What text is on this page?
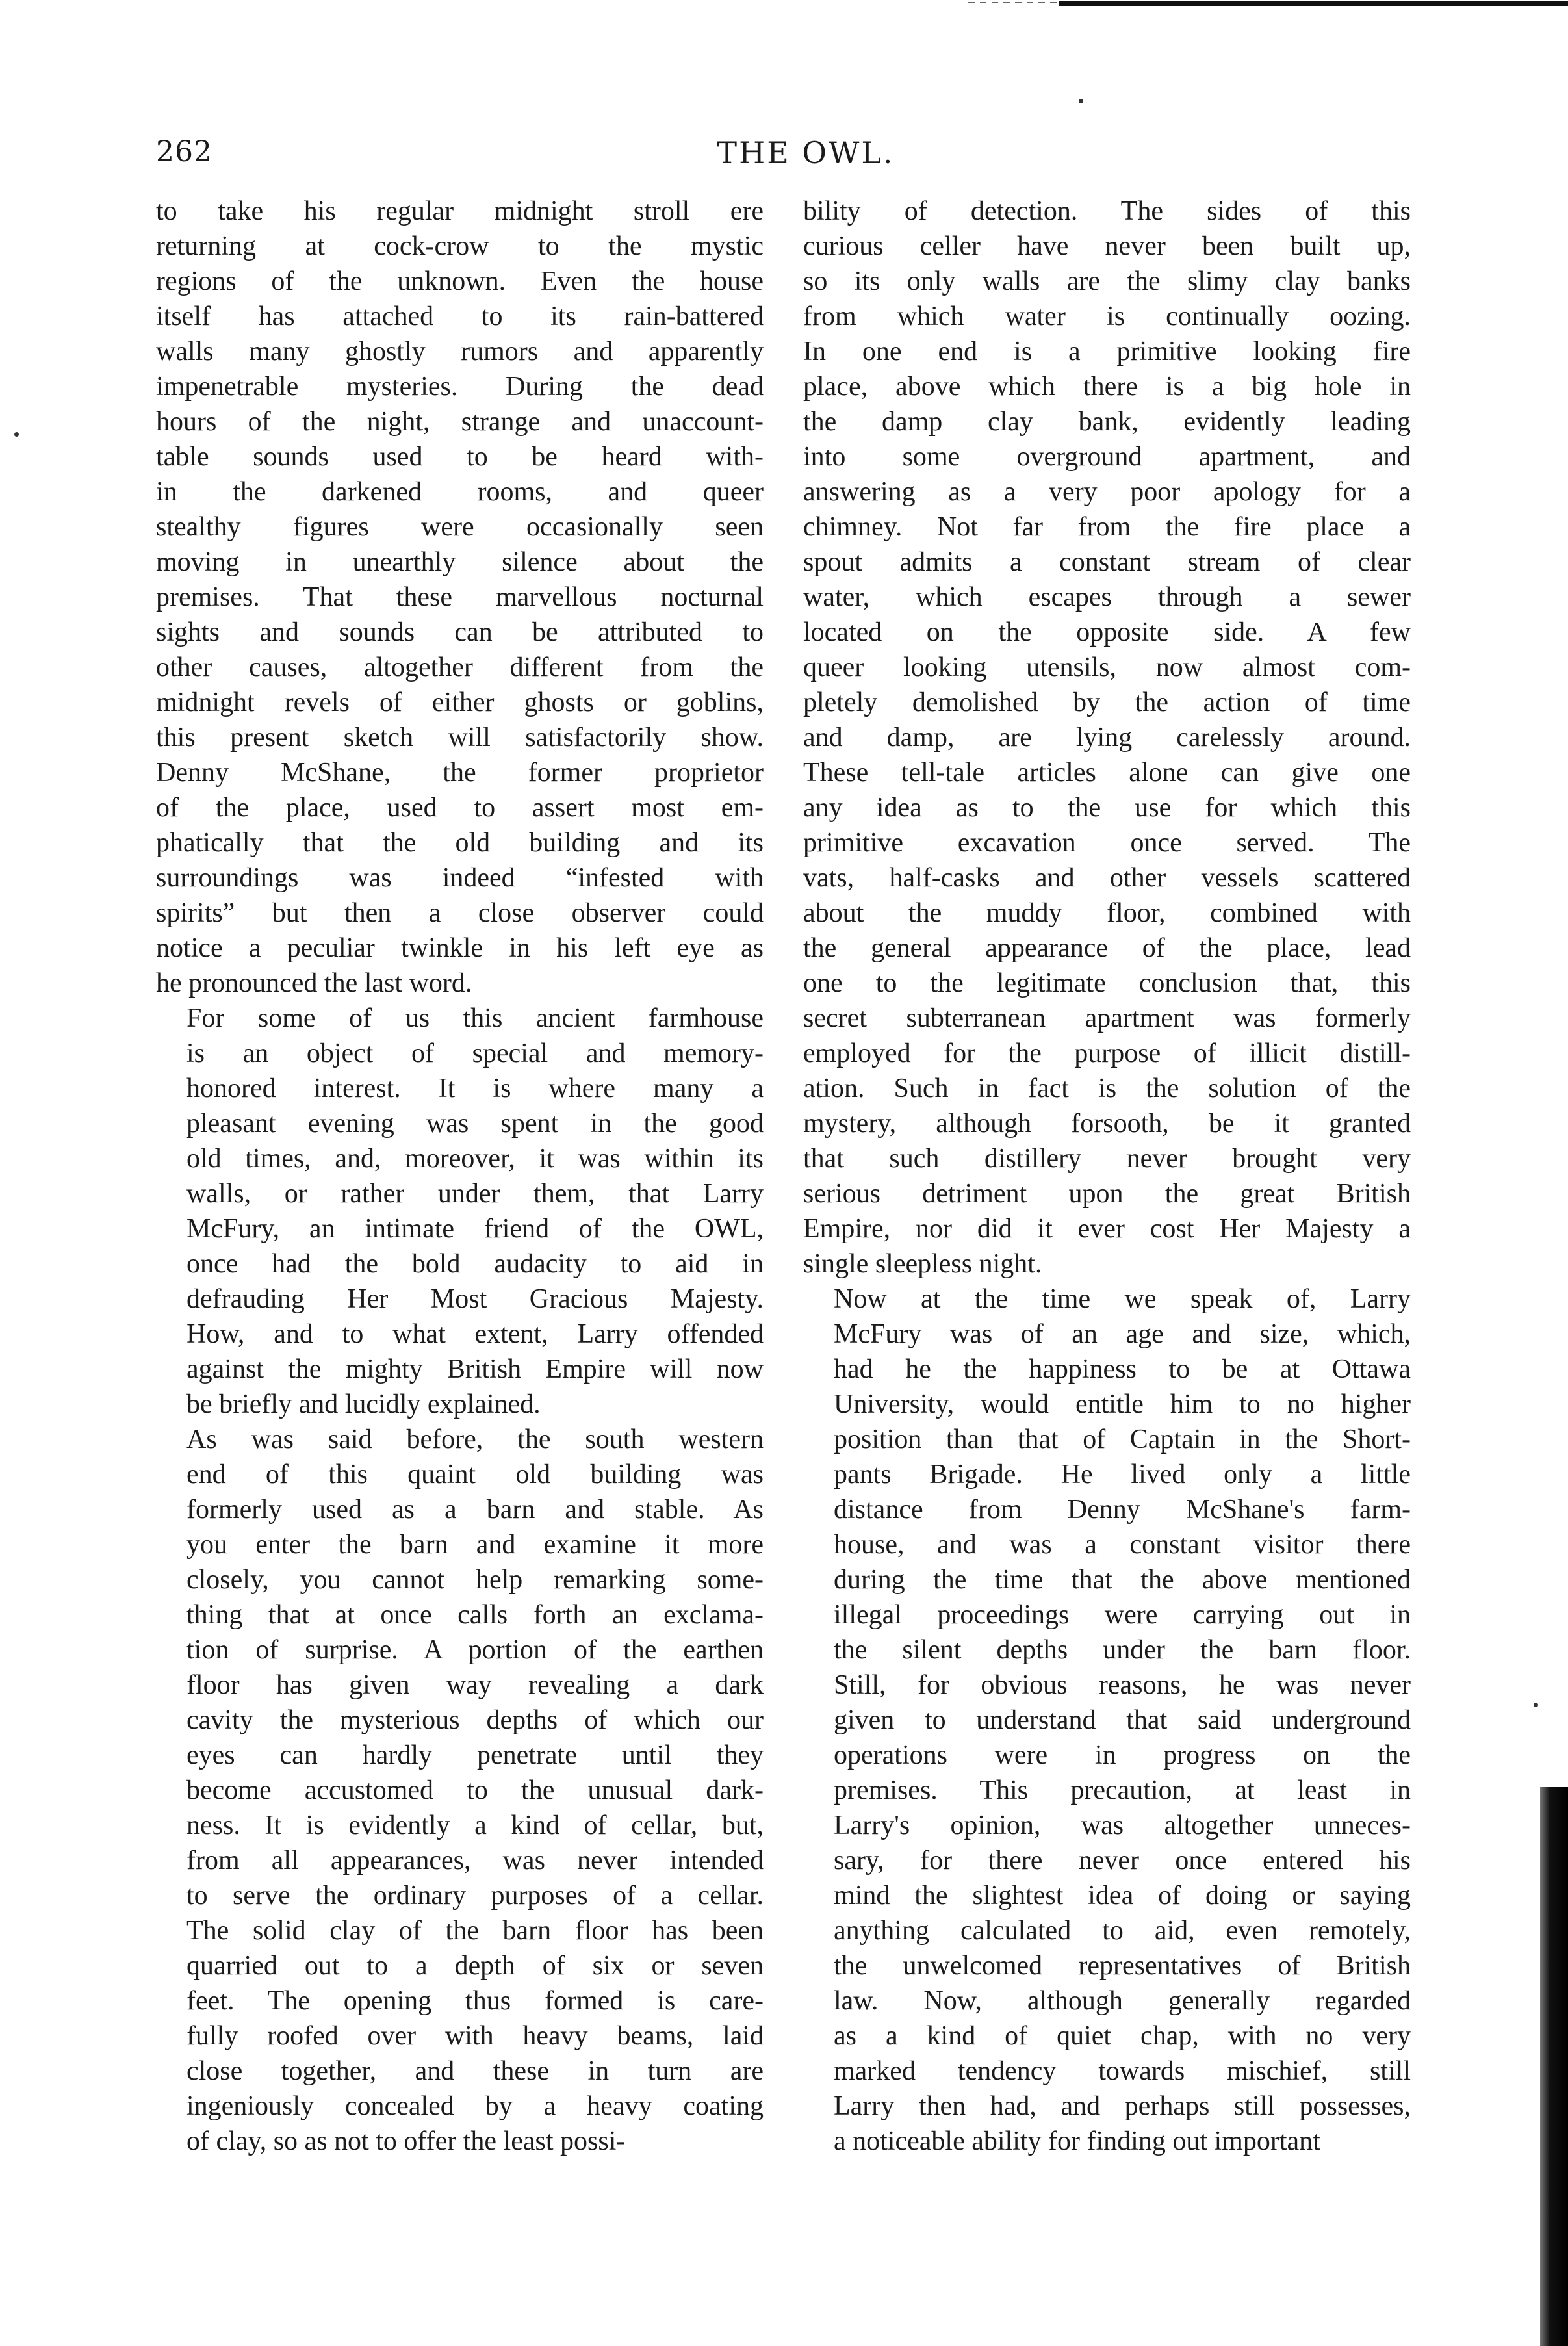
262	THE OWL.
to take his regular midnight stroll ere
returning at cock-crow to the mystic
regions of the unknown. Even the house
itself has attached to its rain-battered
walls many ghostly rumors and apparently
impenetrable mysteries. During the dead
hours of the night, strange and unaccount-
table sounds used to be heard with-
in the darkened rooms, and queer
stealthy figures were occasionally seen
moving in unearthly silence about the
premises. That these marvellous nocturnal
sights and sounds can be attributed to
other causes, altogether different from the
midnight revels of either ghosts or goblins,
this present sketch will satisfactorily show.
Denny McShane, the former proprietor
of the place, used to assert most em-
phatically that the old building and its
surroundings was indeed “infested with
spirits” but then a close observer could
notice a peculiar twinkle in his left eye as
he pronounced the last word.
For some of us this ancient farmhouse
is an object of special and memory-
honored interest. It is where many a
pleasant evening was spent in the good
old times, and, moreover, it was within its
walls, or rather under them, that Larry
McFury, an intimate friend of the OWL,
once had the bold audacity to aid in
defrauding Her Most Gracious Majesty.
How, and to what extent, Larry offended
against the mighty British Empire will now
be briefly and lucidly explained.
As was said before, the south western
end of this quaint old building was
formerly used as a barn and stable. As
you enter the barn and examine it more
closely, you cannot help remarking some-
thing that at once calls forth an exclama-
tion of surprise. A portion of the earthen
floor has given way revealing a dark
cavity the mysterious depths of which our
eyes can hardly penetrate until they
become accustomed to the unusual dark-
ness. It is evidently a kind of cellar, but,
from all appearances, was never intended
to serve the ordinary purposes of a cellar.
The solid clay of the barn floor has been
quarried out to a depth of six or seven
feet. The opening thus formed is care-
fully roofed over with heavy beams, laid
close together, and these in turn are
ingeniously concealed by a heavy coating
of clay, so as not to offer the least possi-
bility of detection. The sides of this
curious celler have never been built up,
so its only walls are the slimy clay banks
from which water is continually oozing.
In one end is a primitive looking fire
place, above which there is a big hole in
the damp clay bank, evidently leading
into some overground apartment, and
answering as a very poor apology for a
chimney. Not far from the fire place a
spout admits a constant stream of clear
water, which escapes through a sewer
located on the opposite side. A few
queer looking utensils, now almost com-
pletely demolished by the action of time
and damp, are lying carelessly around.
These tell-tale articles alone can give one
any idea as to the use for which this
primitive excavation once served. The
vats, half-casks and other vessels scattered
about the muddy floor, combined with
the general appearance of the place, lead
one to the legitimate conclusion that, this
secret subterranean apartment was formerly
employed for the purpose of illicit distill-
ation. Such in fact is the solution of the
mystery, although forsooth, be it granted
that such distillery never brought very
serious detriment upon the great British
Empire, nor did it ever cost Her Majesty a
single sleepless night.
Now at the time we speak of, Larry
McFury was of an age and size, which,
had he the happiness to be at Ottawa
University, would entitle him to no higher
position than that of Captain in the Short-
pants Brigade. He lived only a little
distance from Denny McShane's farm-
house, and was a constant visitor there
during the time that the above mentioned
illegal proceedings were carrying out in
the silent depths under the barn floor.
Still, for obvious reasons, he was never
given to understand that said underground
operations were in progress on the
premises. This precaution, at least in
Larry's opinion, was altogether unneces-
sary, for there never once entered his
mind the slightest idea of doing or saying
anything calculated to aid, even remotely,
the unwelcomed representatives of British
law. Now, although generally regarded
as a kind of quiet chap, with no very
marked tendency towards mischief, still
Larry then had, and perhaps still possesses,
a noticeable ability for finding out important
